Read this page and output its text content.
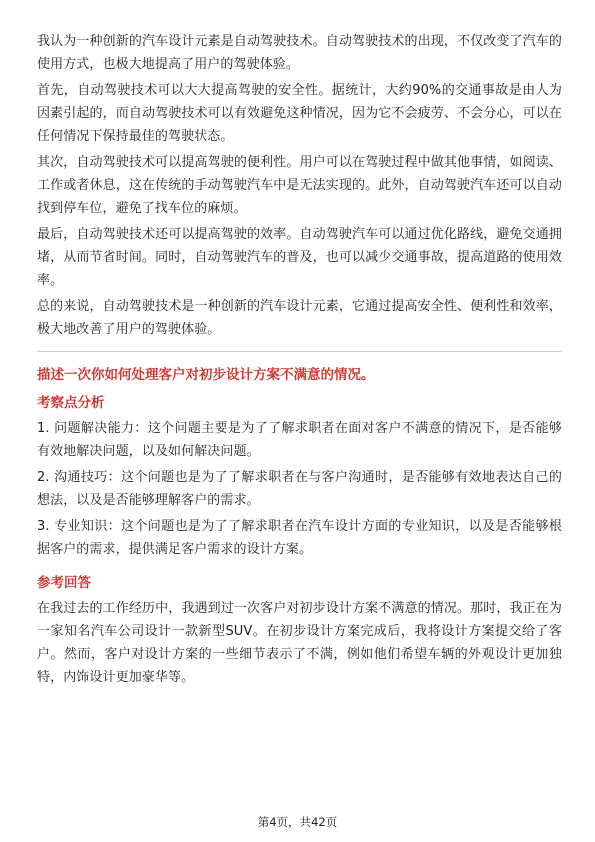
我认为一种创新的汽车设计元素是自动驾驶技术。自动驾驶技术的出现，不仅改变了汽车的使用方式，也极大地提高了用户的驾驶体验。

首先，自动驾驶技术可以大大提高驾驶的安全性。据统计，大约90%的交通事故是由人为因素引起的，而自动驾驶技术可以有效避免这种情况，因为它不会疲劳、不会分心，可以在任何情况下保持最佳的驾驶状态。

其次，自动驾驶技术可以提高驾驶的便利性。用户可以在驾驶过程中做其他事情，如阅读、工作或者休息，这在传统的手动驾驶汽车中是无法实现的。此外，自动驾驶汽车还可以自动找到停车位，避免了找车位的麻烦。

最后，自动驾驶技术还可以提高驾驶的效率。自动驾驶汽车可以通过优化路线，避免交通拥堵，从而节省时间。同时，自动驾驶汽车的普及，也可以减少交通事故，提高道路的使用效率。

总的来说，自动驾驶技术是一种创新的汽车设计元素，它通过提高安全性、便利性和效率，极大地改善了用户的驾驶体验。

描述一次你如何处理客户对初步设计方案不满意的情况。

考察点分析

1. 问题解决能力：这个问题主要是为了了解求职者在面对客户不满意的情况下，是否能够有效地解决问题，以及如何解决问题。

2. 沟通技巧：这个问题也是为了了解求职者在与客户沟通时，是否能够有效地表达自己的想法，以及是否能够理解客户的需求。

3. 专业知识：这个问题也是为了了解求职者在汽车设计方面的专业知识，以及是否能够根据客户的需求，提供满足客户需求的设计方案。

参考回答

在我过去的工作经历中，我遇到过一次客户对初步设计方案不满意的情况。那时，我正在为一家知名汽车公司设计一款新型SUV。在初步设计方案完成后，我将设计方案提交给了客户。然而，客户对设计方案的一些细节表示了不满，例如他们希望车辆的外观设计更加独特，内饰设计更加豪华等。

第4页，共42页
